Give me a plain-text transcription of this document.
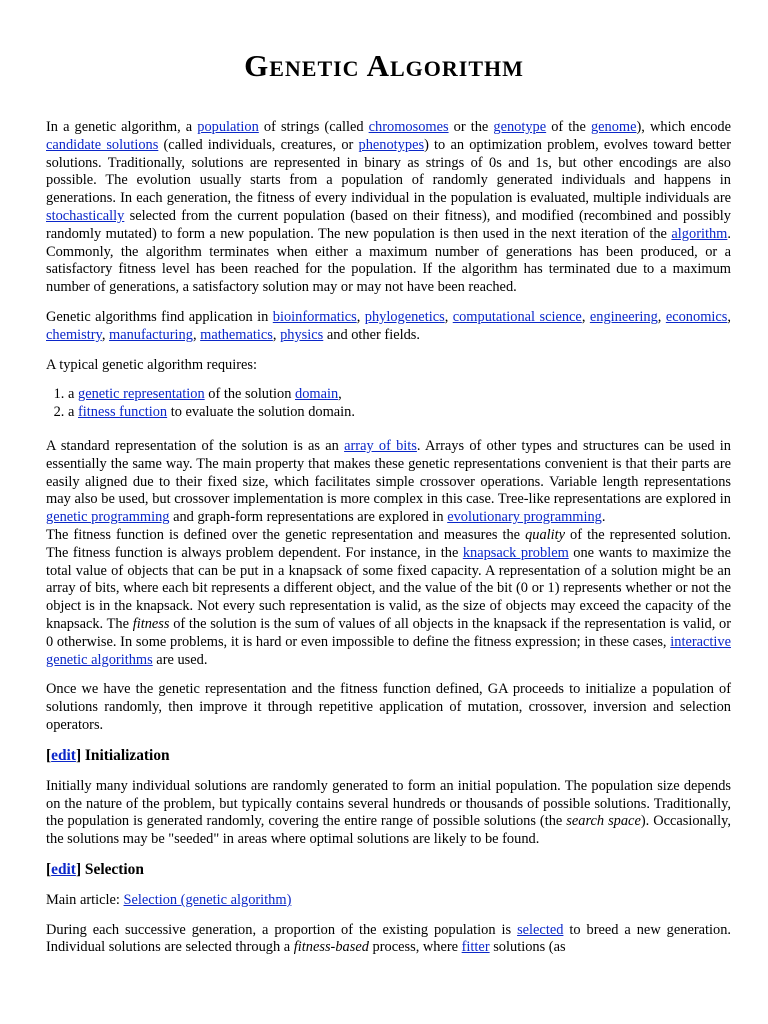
Genetic Algorithm

In a genetic algorithm, a population of strings (called chromosomes or the genotype of the genome), which encode candidate solutions (called individuals, creatures, or phenotypes) to an optimization problem, evolves toward better solutions. Traditionally, solutions are represented in binary as strings of 0s and 1s, but other encodings are also possible. The evolution usually starts from a population of randomly generated individuals and happens in generations. In each generation, the fitness of every individual in the population is evaluated, multiple individuals are stochastically selected from the current population (based on their fitness), and modified (recombined and possibly randomly mutated) to form a new population. The new population is then used in the next iteration of the algorithm. Commonly, the algorithm terminates when either a maximum number of generations has been produced, or a satisfactory fitness level has been reached for the population. If the algorithm has terminated due to a maximum number of generations, a satisfactory solution may or may not have been reached.

Genetic algorithms find application in bioinformatics, phylogenetics, computational science, engineering, economics, chemistry, manufacturing, mathematics, physics and other fields.

A typical genetic algorithm requires:

1. a genetic representation of the solution domain,
2. a fitness function to evaluate the solution domain.

A standard representation of the solution is as an array of bits. Arrays of other types and structures can be used in essentially the same way. The main property that makes these genetic representations convenient is that their parts are easily aligned due to their fixed size, which facilitates simple crossover operations. Variable length representations may also be used, but crossover implementation is more complex in this case. Tree-like representations are explored in genetic programming and graph-form representations are explored in evolutionary programming.

The fitness function is defined over the genetic representation and measures the quality of the represented solution. The fitness function is always problem dependent. For instance, in the knapsack problem one wants to maximize the total value of objects that can be put in a knapsack of some fixed capacity. A representation of a solution might be an array of bits, where each bit represents a different object, and the value of the bit (0 or 1) represents whether or not the object is in the knapsack. Not every such representation is valid, as the size of objects may exceed the capacity of the knapsack. The fitness of the solution is the sum of values of all objects in the knapsack if the representation is valid, or 0 otherwise. In some problems, it is hard or even impossible to define the fitness expression; in these cases, interactive genetic algorithms are used.

Once we have the genetic representation and the fitness function defined, GA proceeds to initialize a population of solutions randomly, then improve it through repetitive application of mutation, crossover, inversion and selection operators.

[edit] Initialization

Initially many individual solutions are randomly generated to form an initial population. The population size depends on the nature of the problem, but typically contains several hundreds or thousands of possible solutions. Traditionally, the population is generated randomly, covering the entire range of possible solutions (the search space). Occasionally, the solutions may be "seeded" in areas where optimal solutions are likely to be found.

[edit] Selection

Main article: Selection (genetic algorithm)

During each successive generation, a proportion of the existing population is selected to breed a new generation. Individual solutions are selected through a fitness-based process, where fitter solutions (as
